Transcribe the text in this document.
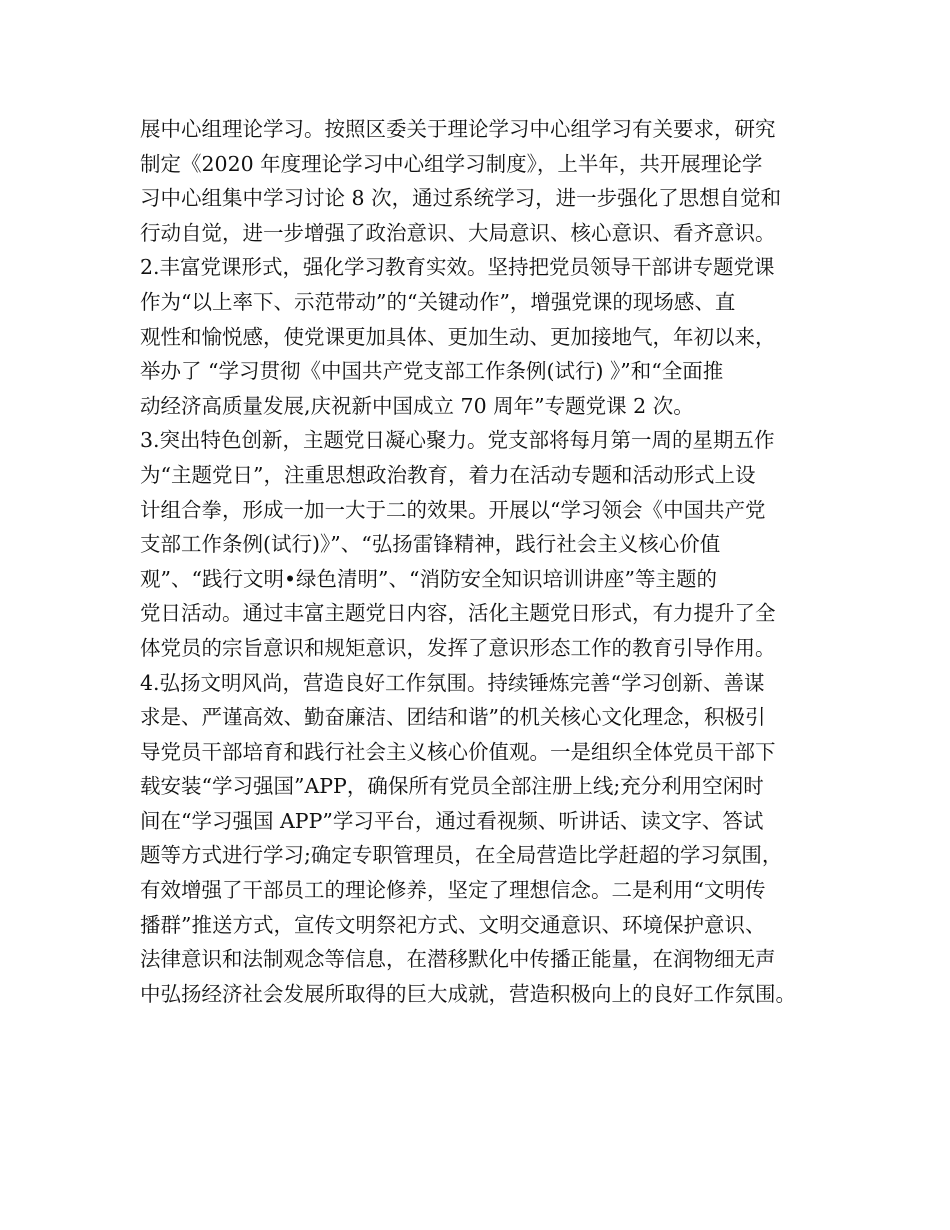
展中心组理论学习。按照区委关于理论学习中心组学习有关要求，研究
制定《2020 年度理论学习中心组学习制度》，上半年，共开展理论学
习中心组集中学习讨论 8 次，通过系统学习，进一步强化了思想自觉和
行动自觉，进一步增强了政治意识、大局意识、核心意识、看齐意识。
2.丰富党课形式，强化学习教育实效。坚持把党员领导干部讲专题党课
作为“以上率下、示范带动”的“关键动作”，增强党课的现场感、直
观性和愉悦感，使党课更加具体、更加生动、更加接地气，年初以来，
举办了 “学习贯彻《中国共产党支部工作条例(试行) 》”和“全面推
动经济高质量发展,庆祝新中国成立 70 周年”专题党课 2 次。
3.突出特色创新，主题党日凝心聚力。党支部将每月第一周的星期五作
为“主题党日”，注重思想政治教育，着力在活动专题和活动形式上设
计组合拳，形成一加一大于二的效果。开展以“学习领会《中国共产党
支部工作条例(试行)》”、“弘扬雷锋精神，践行社会主义核心价值
观”、“践行文明•绿色清明”、“消防安全知识培训讲座”等主题的
党日活动。通过丰富主题党日内容，活化主题党日形式，有力提升了全
体党员的宗旨意识和规矩意识，发挥了意识形态工作的教育引导作用。
4.弘扬文明风尚，营造良好工作氛围。持续锤炼完善“学习创新、善谋
求是、严谨高效、勤奋廉洁、团结和谐”的机关核心文化理念，积极引
导党员干部培育和践行社会主义核心价值观。一是组织全体党员干部下
载安装“学习强国”APP，确保所有党员全部注册上线;充分利用空闲时
间在“学习强国 APP”学习平台，通过看视频、听讲话、读文字、答试
题等方式进行学习;确定专职管理员，在全局营造比学赶超的学习氛围，
有效增强了干部员工的理论修养，坚定了理想信念。二是利用“文明传
播群”推送方式，宣传文明祭祀方式、文明交通意识、环境保护意识、
法律意识和法制观念等信息，在潜移默化中传播正能量，在润物细无声
中弘扬经济社会发展所取得的巨大成就，营造积极向上的良好工作氛围。
